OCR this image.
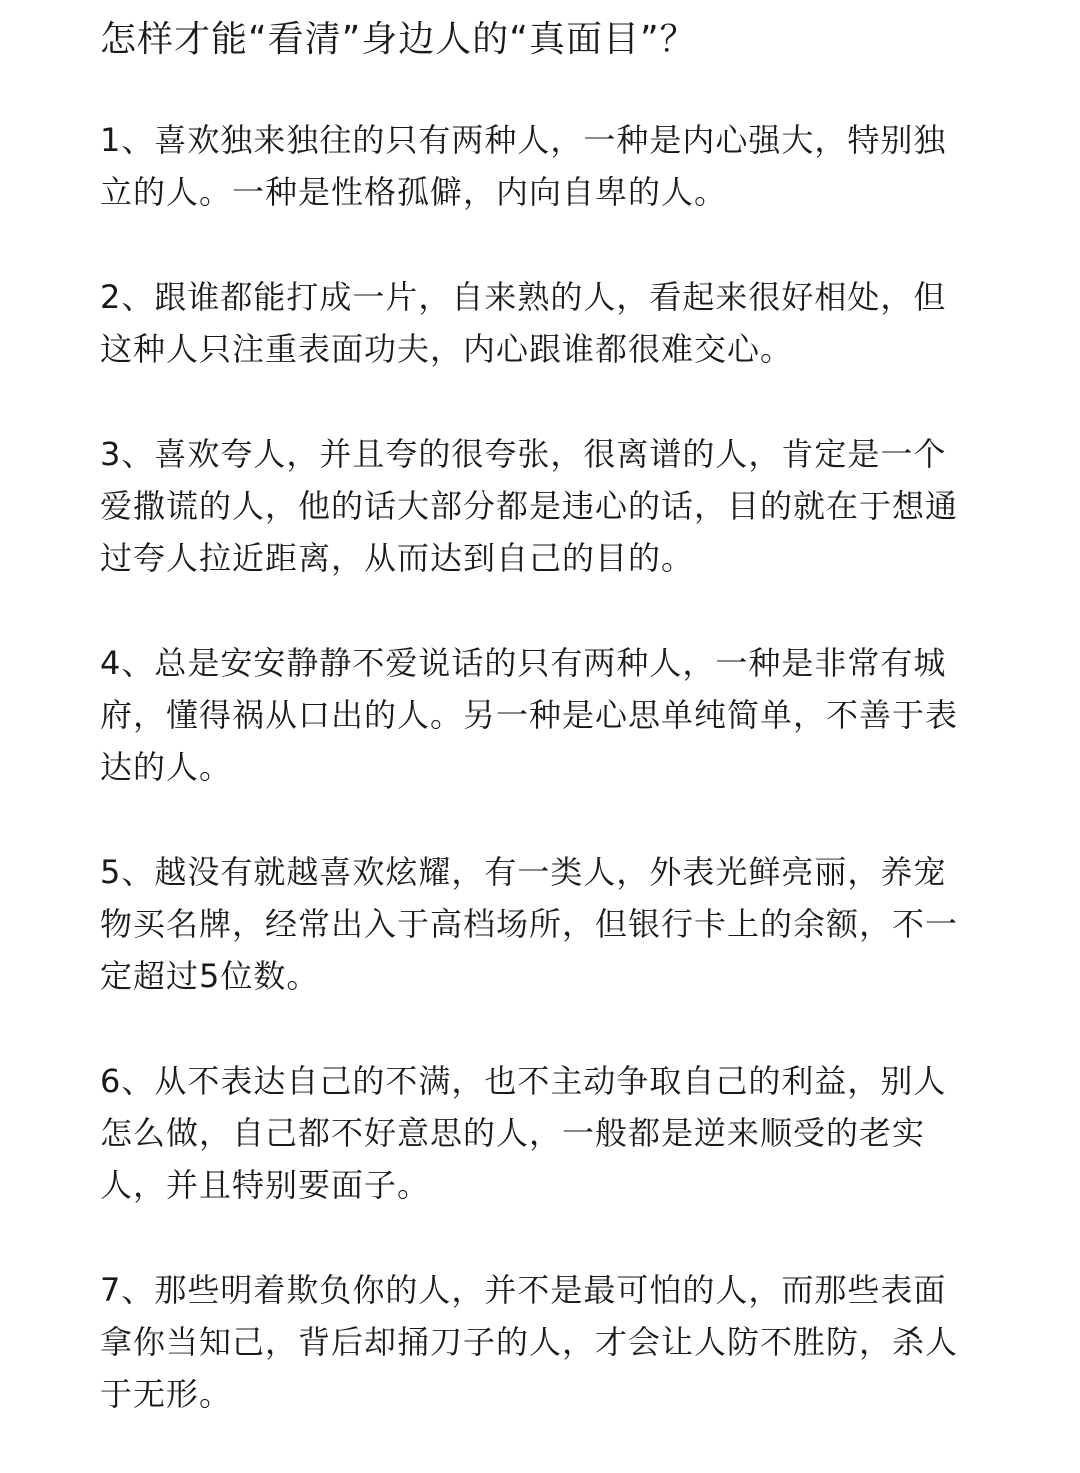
怎样才能“看清”身边人的“真面目”？

1、喜欢独来独往的只有两种人，一种是内心强大，特别独立的人。一种是性格孤僻，内向自卑的人。

2、跟谁都能打成一片，自来熟的人，看起来很好相处，但这种人只注重表面功夫，内心跟谁都很难交心。

3、喜欢夸人，并且夸的很夸张，很离谱的人，肯定是一个爱撒谎的人，他的话大部分都是违心的话，目的就在于想通过夸人拉近距离，从而达到自己的目的。

4、总是安安静静不爱说话的只有两种人，一种是非常有城府，懂得祸从口出的人。另一种是心思单纯简单，不善于表达的人。

5、越没有就越喜欢炫耀，有一类人，外表光鲜亮丽，养宠物买名牌，经常出入于高档场所，但银行卡上的余额，不一定超过5位数。

6、从不表达自己的不满，也不主动争取自己的利益，别人怎么做，自己都不好意思的人，一般都是逆来顺受的老实人，并且特别要面子。

7、那些明着欺负你的人，并不是最可怕的人，而那些表面拿你当知己，背后却捅刀子的人，才会让人防不胜防，杀人于无形。
